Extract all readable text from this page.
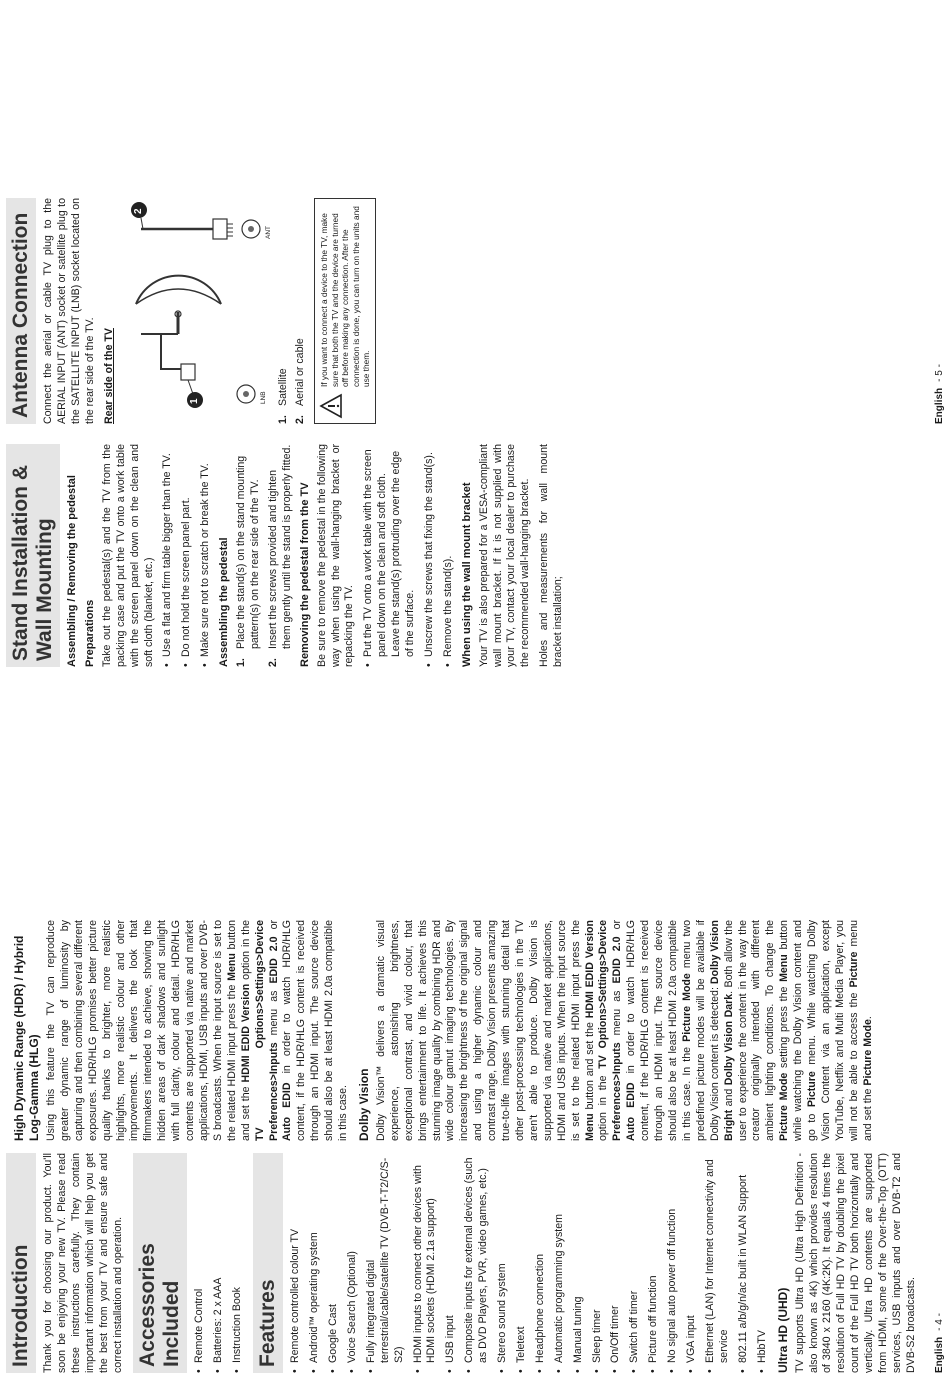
Introduction Thank you for choosing our product. You'll soon be enjoying your new TV. Please read these instructions carefully. They contain important information which will help you get the best from your TV and ensure safe and correct installation and operation. Accessories Included • Remote Control • Batteries: 2 x AAA • Instruction Book Features • Remote controlled colour TV • Android™ operating system • Google Cast • Voice Search (Optional) • Fully integrated digital terrestrial/cable/satellite TV (DVB-T-T2/C/S-S2) • HDMI inputs to connect other devices with HDMI sockets (HDMI 2.1a support) • USB input • Composite inputs for external devices (such as DVD Players, PVR, video games, etc.) • Stereo sound system • Teletext • Headphone connection • Automatic programming system • Manual tuning • Sleep timer • On/Off timer • Switch off timer • Picture off function • No signal auto power off function • VGA input • Ethernet (LAN) for Internet connectivity and service • 802.11 a/b/g/n/ac built in WLAN Support • HbbTV Ultra HD (UHD) TV supports Ultra HD (Ultra High Definition - also known as 4K) which provides resolution of 3840 x 2160 (4K:2K). It equals 4 times the resolution of Full HD TV by doubling the pixel count of the Full HD TV both horizontally and vertically. Ultra HD contents are supported from HDMI, some of the Over-the-Top (OTT) services, USB inputs and over DVB-T2 and DVB-S2 broadcasts.

High Dynamic Range (HDR) / Hybrid Log-Gamma (HLG) Using this feature the TV can reproduce greater dynamic range of luminosity by capturing and then combining several different exposures. HDR/HLG promises better picture quality thanks to brighter, more realistic highlights, more realistic colour and other improvements. It delivers the look that filmmakers intended to achieve, showing the hidden areas of dark shadows and sunlight with full clarity, colour and detail. HDR/HLG contents are supported via native and market applications, HDMI, USB inputs and over DVB-S broadcasts. When the input source is set to the related HDMI input press the Menu button and set the HDMI EDID Version option in the TV Options>Settings>Device Preferences>Inputs menu as EDID 2.0 or Auto EDID in order to watch HDR/HLG content, if the HDR/HLG content is received through an HDMI input. The source device should also be at least HDMI 2.0a compatible in this case. Dolby Vision Dolby Vision™ delivers a dramatic visual experience, astonishing brightness, exceptional contrast, and vivid colour, that brings entertainment to life. It achieves this stunning image quality by combining HDR and wide colour gamut imaging technologies. By increasing the brightness of the original signal and using a higher dynamic colour and contrast range, Dolby Vision presents amazing true-to-life images with stunning detail that other post-processing technologies in the TV aren't able to produce. Dolby Vision is supported via native and market applications, HDMI and USB inputs. When the input source is set to the related HDMI input press the Menu button and set the HDMI EDID Version option in the TV Options>Settings>Device Preferences>Inputs menu as EDID 2.0 or Auto EDID in order to watch HDR/HLG content, if the HDR/HLG content is received through an HDMI input. The source device should also be at least HDMI 2.0a compatible in this case. In the Picture Mode menu two predefined picture modes will be available if Dolby Vision content is detected: Dolby Vision Bright and Dolby Vision Dark. Both allow the user to experience the content in the way the creator originally intended with different ambient lighting conditions. To change the Picture Mode setting press the Menu button while watching the Dolby Vision content and go to Picture menu. While watching Dolby Vision Content via an application, except YouTube, Netflix and Multi Media Player, you will not be able to access the Picture menu and set the Picture Mode.

Stand Installation & Wall Mounting Assembling / Removing the pedestal Preparations Take out the pedestal(s) and the TV from the packing case and put the TV onto a work table with the screen panel down on the clean and soft cloth (blanket, etc.) • Use a flat and firm table bigger than the TV. • Do not hold the screen panel part. • Make sure not to scratch or break the TV. Assembling the pedestal 1.
Place the stand(s) on the stand mounting pattern(s) on the rear side of the TV.
2.
Insert the screws provided and tighten them gently until the stand is properly fitted. Removing the pedestal from the TV Be sure to remove the pedestal in the following way when using the wall-hanging bracket or repacking the TV. • Put the TV onto a work table with the screen panel down on the clean and soft cloth. Leave the stand(s) protruding over the edge of the surface. • Unscrew the screws that fixing the stand(s). • Remove the stand(s). When using the wall mount bracket Your TV is also prepared for a VESA-compliant wall mount bracket. If it is not supplied with your TV, contact your local dealer to purchase the recommended wall-hanging bracket. Holes and measurements for wall mount bracket installation;

Antenna Connection Connect the aerial or cable TV plug to the AERIAL INPUT (ANT) socket or satellite plug to the SATELLITE INPUT (LNB) socket located on the rear side of the TV. Rear side of the TV	1
2
LNB
ANT
1.
Satellite
2.
Aerial or cable	If you want to connect a device to the TV, make sure that both the TV and the device are turned off before making any connection. After the connection is done, you can turn on the units and use them.
English- 4 -
English- 5 -
